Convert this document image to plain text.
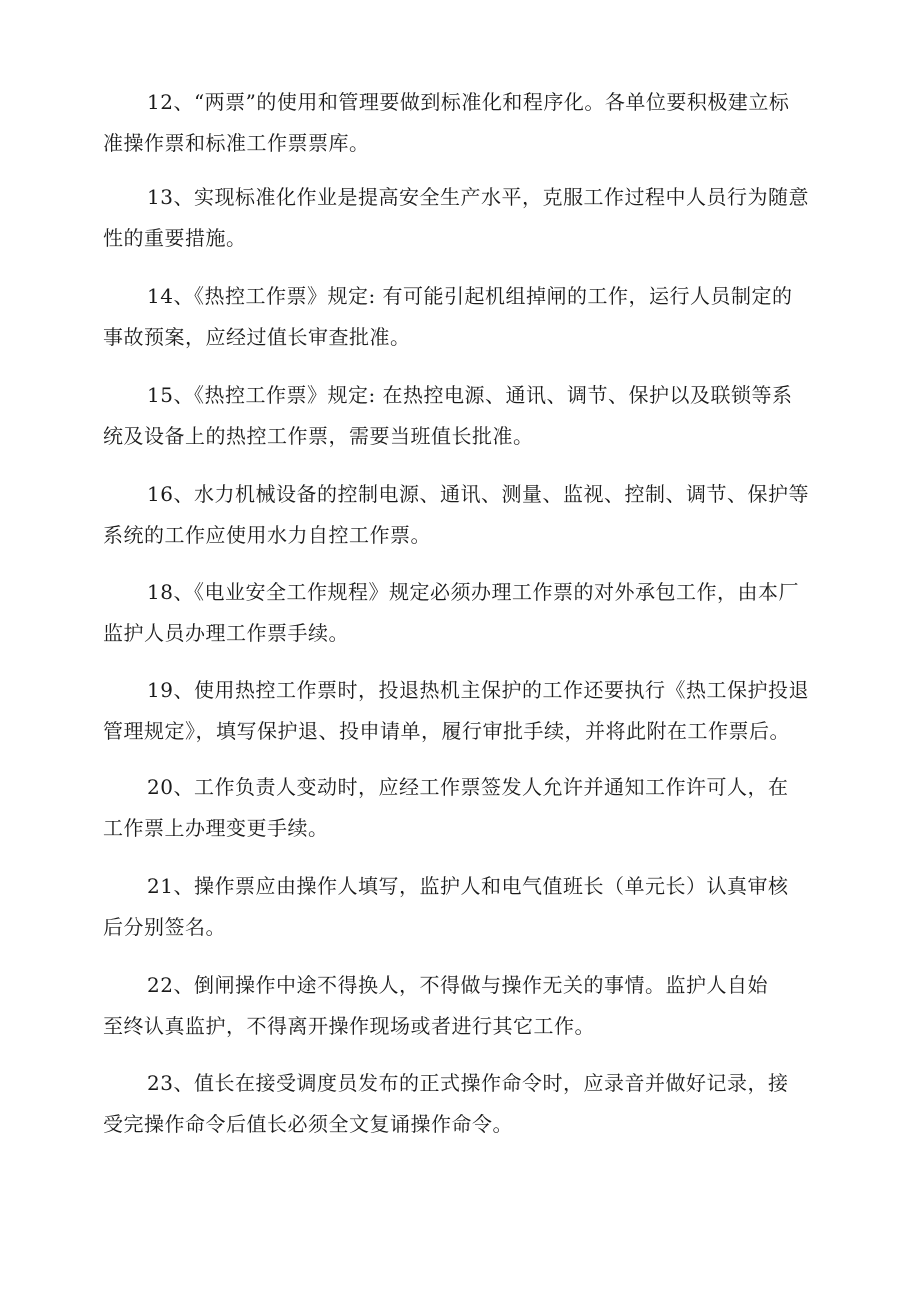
12、“两票”的使用和管理要做到标准化和程序化。各单位要积极建立标
准操作票和标准工作票票库。
13、实现标准化作业是提高安全生产水平，克服工作过程中人员行为随意
性的重要措施。
14、《热控工作票》规定: 有可能引起机组掉闸的工作，运行人员制定的
事故预案，应经过值长审查批准。
15、《热控工作票》规定: 在热控电源、通讯、调节、保护以及联锁等系
统及设备上的热控工作票，需要当班值长批准。
16、水力机械设备的控制电源、通讯、测量、监视、控制、调节、保护等
系统的工作应使用水力自控工作票。
18、《电业安全工作规程》规定必须办理工作票的对外承包工作，由本厂
监护人员办理工作票手续。
19、使用热控工作票时，投退热机主保护的工作还要执行《热工保护投退
管理规定》，填写保护退、投申请单，履行审批手续，并将此附在工作票后。
20、工作负责人变动时，应经工作票签发人允许并通知工作许可人，在
工作票上办理变更手续。
21、操作票应由操作人填写，监护人和电气值班长（单元长）认真审核
后分别签名。
22、倒闸操作中途不得换人，不得做与操作无关的事情。监护人自始
至终认真监护，不得离开操作现场或者进行其它工作。
23、值长在接受调度员发布的正式操作命令时，应录音并做好记录，接
受完操作命令后值长必须全文复诵操作命令。
